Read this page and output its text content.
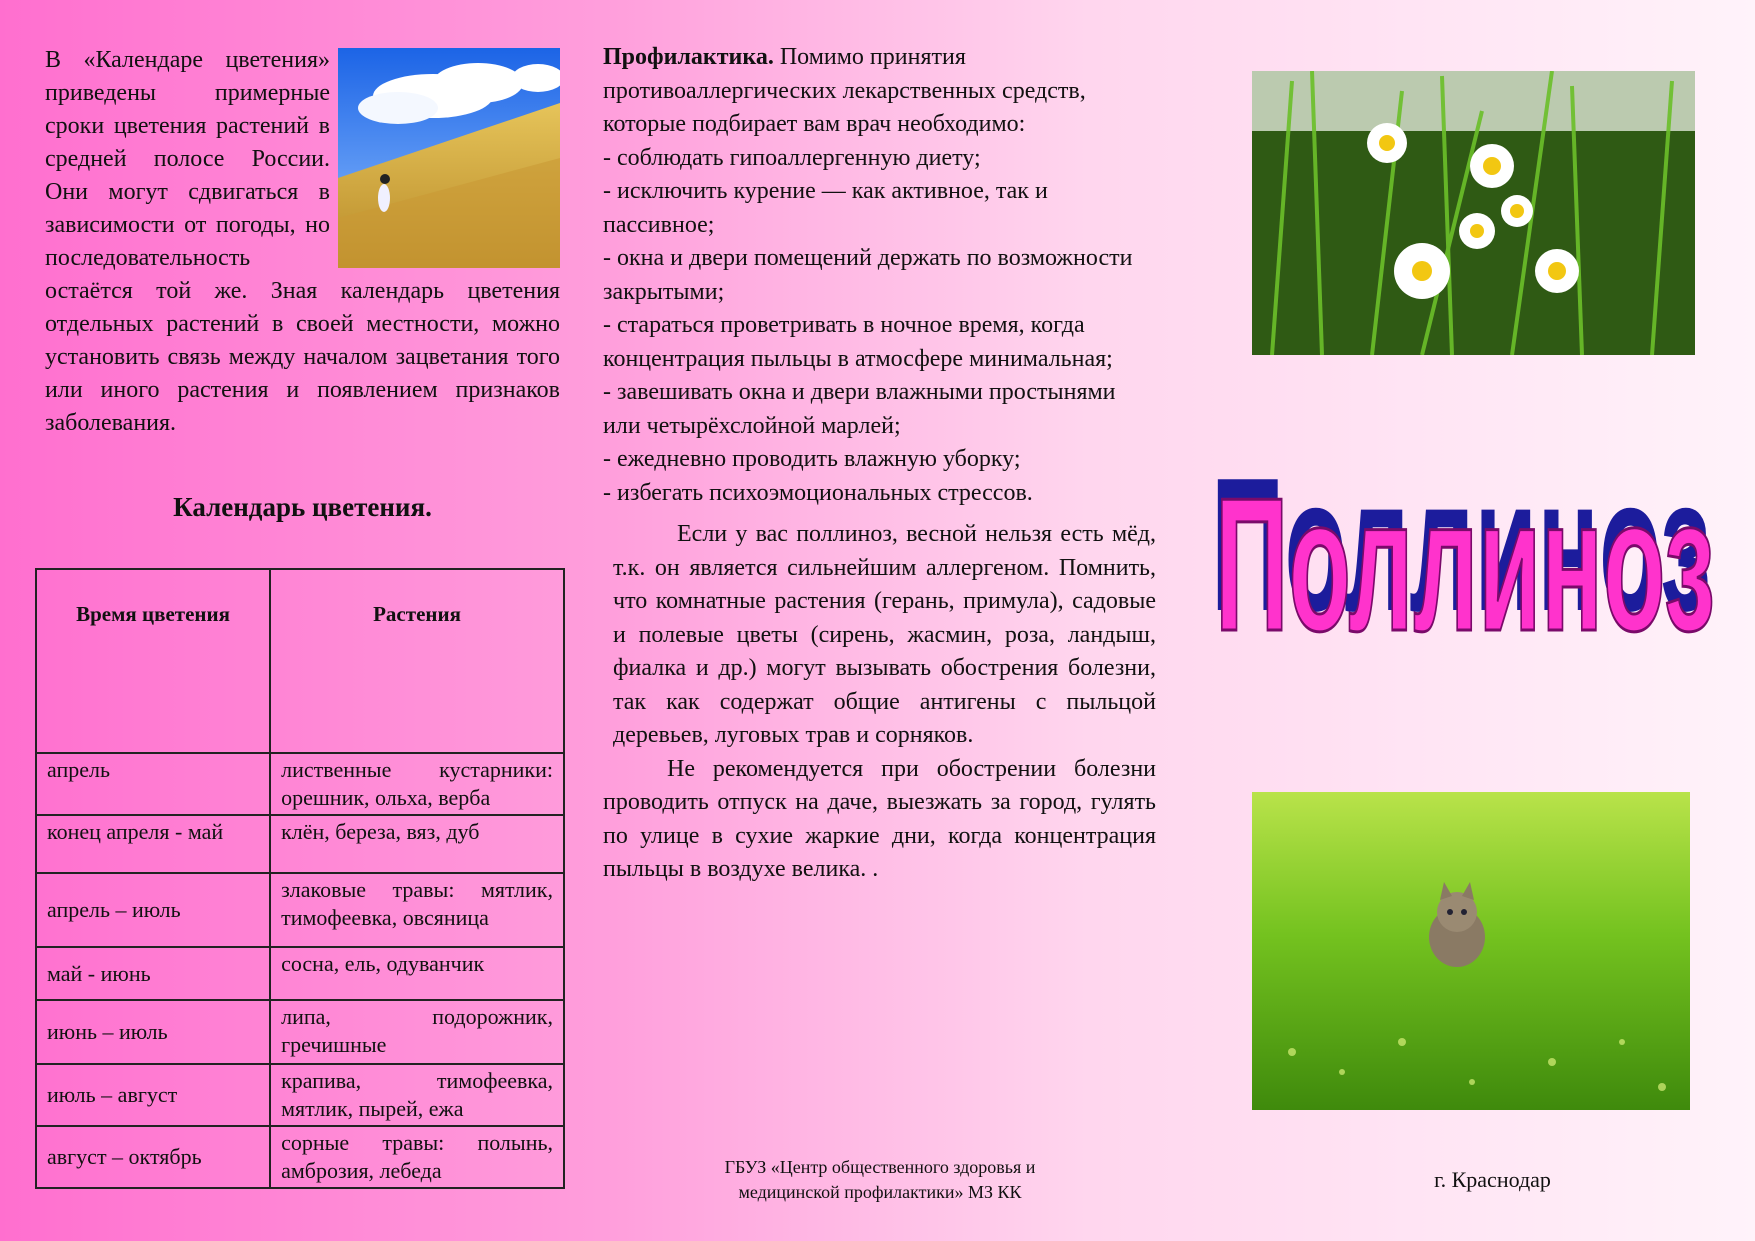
В «Календаре цветения» приведены примерные сроки цветения растений в средней полосе России. Они могут сдвигаться в зависимости от погоды, но последовательность остаётся той же. Зная календарь цветения отдельных растений в своей местности, можно установить связь между началом зацветания того или иного растения и появлением признаков заболевания.

Календарь цветения.
Время цветения	Растения
апрель	лиственные кустарники: орешник, ольха, верба
конец апреля - май	клён, береза, вяз, дуб
апрель – июль	злаковые травы: мятлик, тимофеевка, овсяница
май - июнь	сосна, ель, одуванчик
июнь – июль	липа, подорожник, гречишные
июль – август	крапива, тимофеевка, мятлик, пырей, ежа
август – октябрь	сорные травы: полынь, амброзия, лебеда

Профилактика. Помимо принятия противоаллергических лекарственных средств, которые подбирает вам врач необходимо:

- соблюдать гипоаллергенную диету;
- исключить курение — как активное, так и пассивное;
- окна и двери помещений держать по возможности закрытыми;
- стараться проветривать в ночное время, когда концентрация пыльцы в атмосфере минимальная;
- завешивать окна и двери влажными простынями или четырёхслойной марлей;
- ежедневно проводить влажную уборку;
- избегать психоэмоциональных стрессов.

Если у вас поллиноз, весной нельзя есть мёд, т.к. он является сильнейшим аллергеном. Помнить, что комнатные растения (герань, примула), садовые и полевые цветы (сирень, жасмин, роза, ландыш, фиалка и др.) могут вызывать обострения болезни, так как содержат общие антигены с пыльцой деревьев, луговых трав и сорняков.

Не рекомендуется при обострении болезни проводить отпуск на даче, выезжать за город, гулять по улице в сухие жаркие дни, когда концентрация пыльцы в воздухе велика. .

ГБУЗ «Центр общественного здоровья и
медицинской профилактики» МЗ КК
Поллиноз
Поллиноз
г. Краснодар
